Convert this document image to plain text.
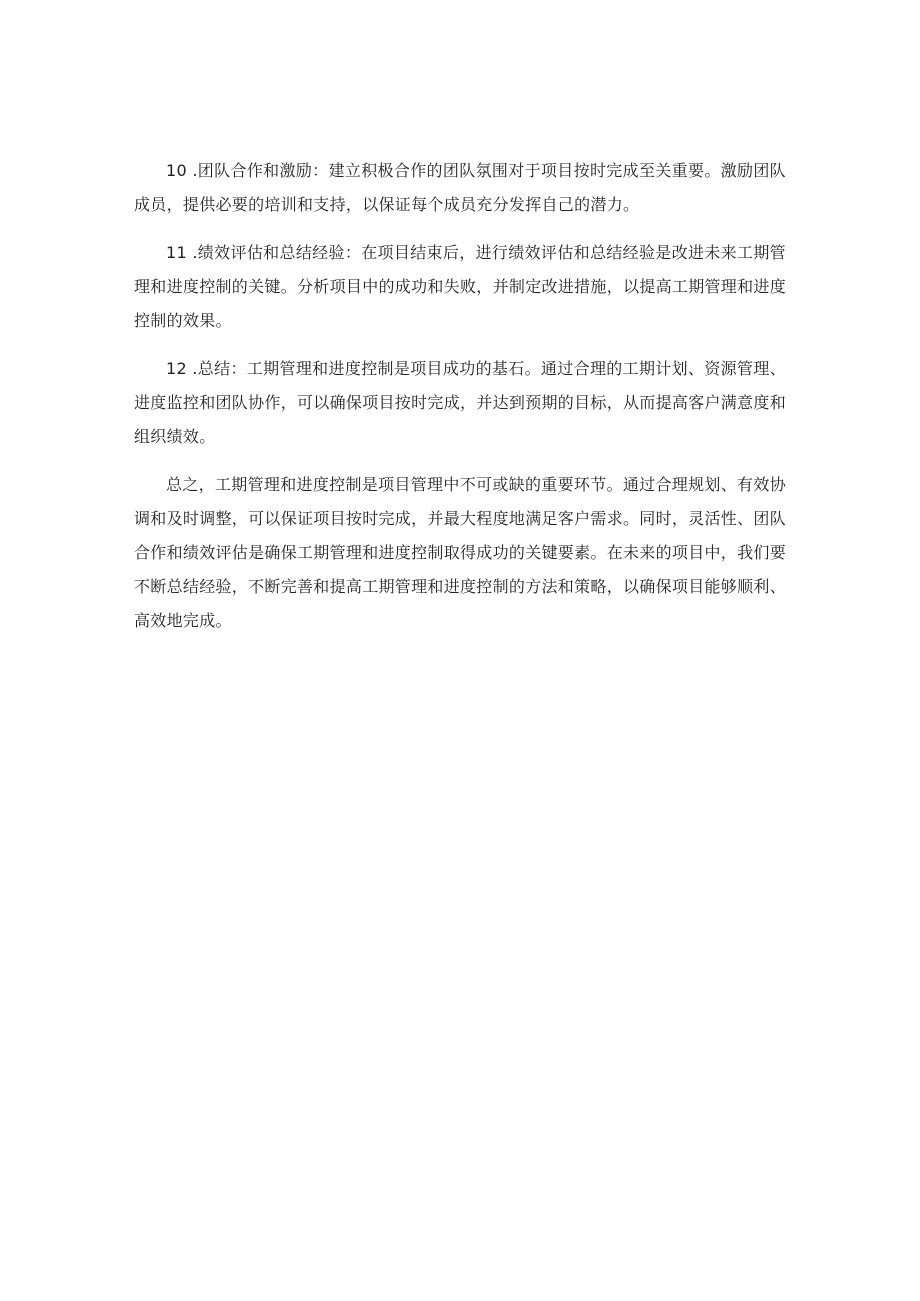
10 .团队合作和激励：建立积极合作的团队氛围对于项目按时完成至关重要。激励团队成员，提供必要的培训和支持，以保证每个成员充分发挥自己的潜力。

11 .绩效评估和总结经验：在项目结束后，进行绩效评估和总结经验是改进未来工期管理和进度控制的关键。分析项目中的成功和失败，并制定改进措施，以提高工期管理和进度控制的效果。

12 .总结：工期管理和进度控制是项目成功的基石。通过合理的工期计划、资源管理、进度监控和团队协作，可以确保项目按时完成，并达到预期的目标，从而提高客户满意度和组织绩效。

总之，工期管理和进度控制是项目管理中不可或缺的重要环节。通过合理规划、有效协调和及时调整，可以保证项目按时完成，并最大程度地满足客户需求。同时，灵活性、团队合作和绩效评估是确保工期管理和进度控制取得成功的关键要素。在未来的项目中，我们要不断总结经验，不断完善和提高工期管理和进度控制的方法和策略，以确保项目能够顺利、高效地完成。
